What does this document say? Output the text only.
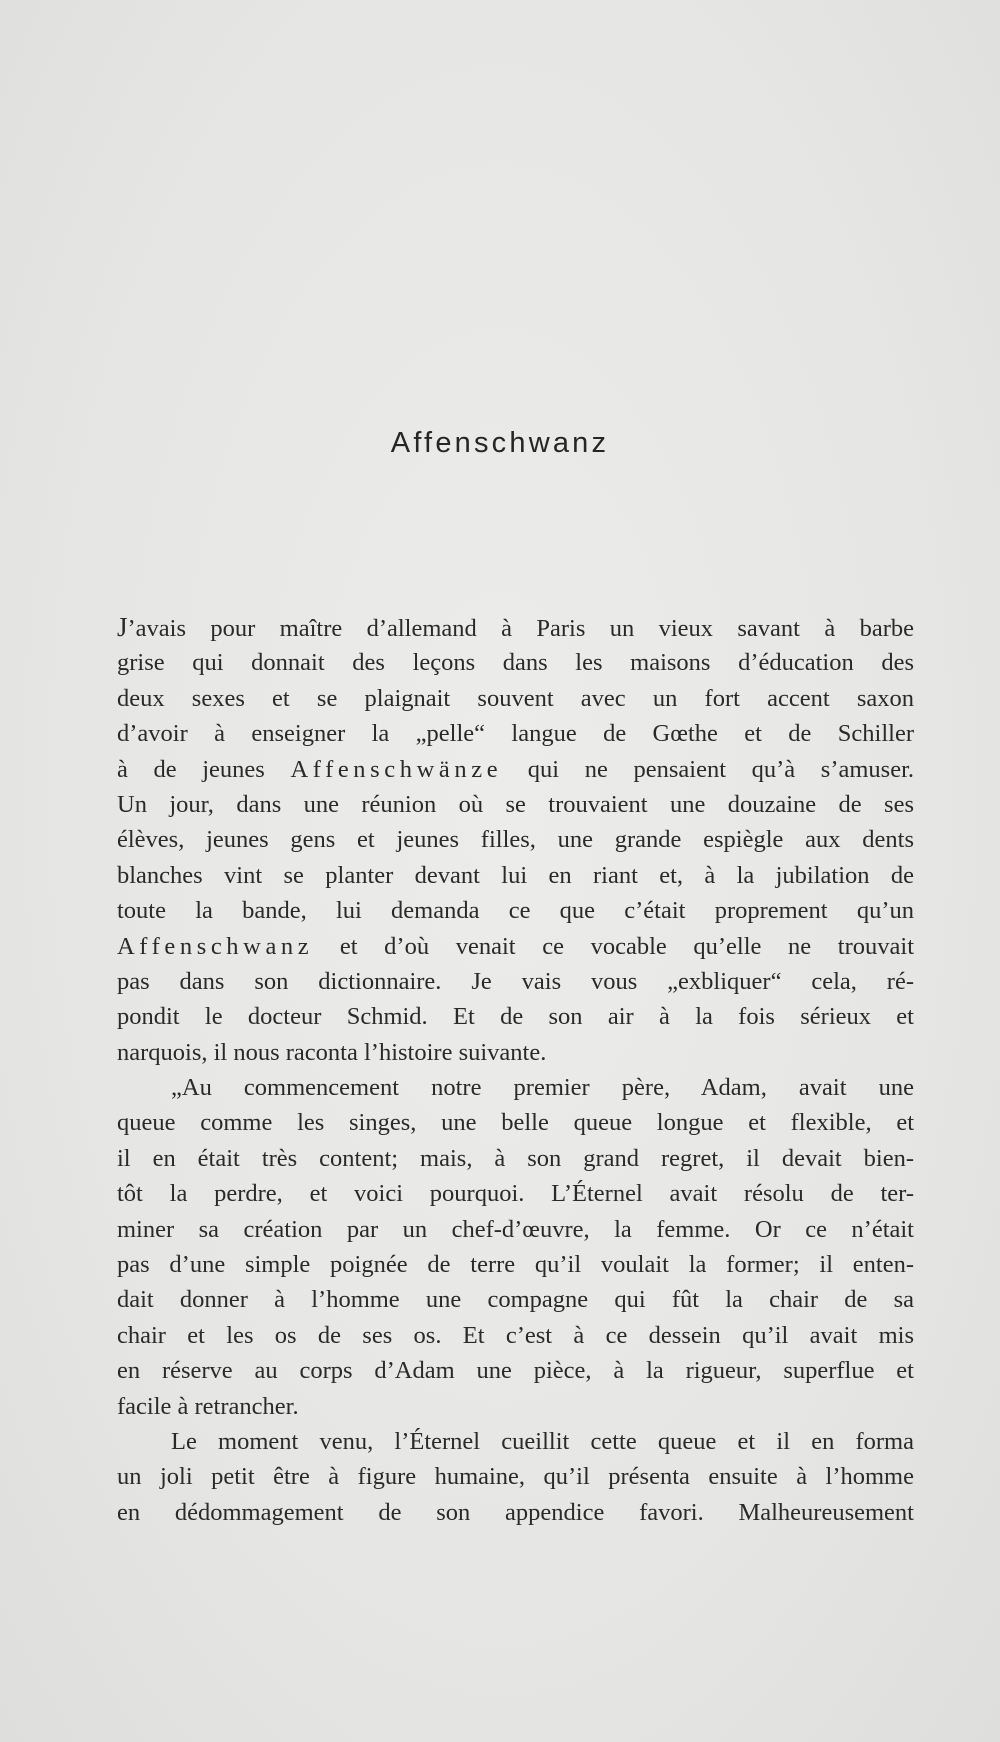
Affenschwanz

J’avais pour maître d’allemand à Paris un vieux savant à barbe
grise qui donnait des leçons dans les maisons d’éducation des
deux sexes et se plaignait souvent avec un fort accent saxon
d’avoir à enseigner la „pelle“ langue de Gœthe et de Schiller
à de jeunes Affenschwänze qui ne pensaient qu’à s’amuser.
Un jour, dans une réunion où se trouvaient une douzaine de ses
élèves, jeunes gens et jeunes filles, une grande espiègle aux dents
blanches vint se planter devant lui en riant et, à la jubilation de
toute la bande, lui demanda ce que c’était proprement qu’un
Affenschwanz et d’où venait ce vocable qu’elle ne trouvait
pas dans son dictionnaire. Je vais vous „exbliquer“ cela, ré-
pondit le docteur Schmid. Et de son air à la fois sérieux et
narquois, il nous raconta l’histoire suivante.

„Au commencement notre premier père, Adam, avait une
queue comme les singes, une belle queue longue et flexible, et
il en était très content; mais, à son grand regret, il devait bien-
tôt la perdre, et voici pourquoi. L’Éternel avait résolu de ter-
miner sa création par un chef-d’œuvre, la femme. Or ce n’était
pas d’une simple poignée de terre qu’il voulait la former; il enten-
dait donner à l’homme une compagne qui fût la chair de sa
chair et les os de ses os. Et c’est à ce dessein qu’il avait mis
en réserve au corps d’Adam une pièce, à la rigueur, superflue et
facile à retrancher.

Le moment venu, l’Éternel cueillit cette queue et il en forma
un joli petit être à figure humaine, qu’il présenta ensuite à l’homme
en dédommagement de son appendice favori. Malheureusement
